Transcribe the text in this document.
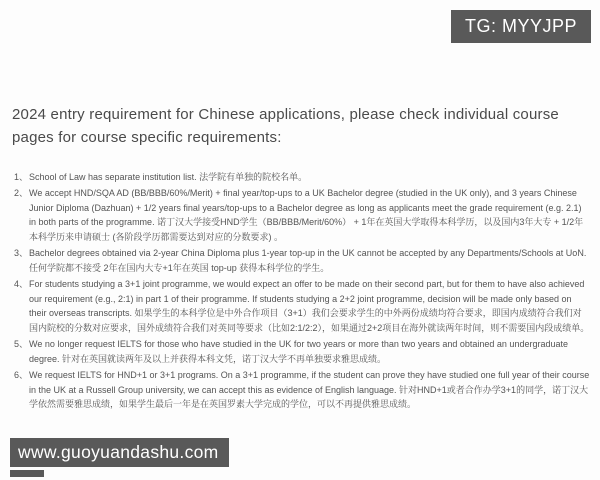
TG: MYYJPP
2024 entry requirement for Chinese applications, please check individual course pages for course specific requirements:
1、 School of Law has separate institution list. 法学院有单独的院校名单。
2、 We accept HND/SQA AD (BB/BBB/60%/Merit) + final year/top-ups to a UK Bachelor degree (studied in the UK only), and 3 years Chinese Junior Diploma (Dazhuan) + 1/2 years final years/top-ups to a Bachelor degree as long as applicants meet the grade requirement (e.g. 2.1) in both parts of the programme. 诺丁汉大学接受HND学生（BB/BBB/Merit/60%） + 1年在英国大学取得本科学历，以及国内3年大专 + 1/2年本科学历来申请硕士 (各阶段学历都需要达到对应的分数要求) 。
3、 Bachelor degrees obtained via 2-year China Diploma plus 1-year top-up in the UK cannot be accepted by any Departments/Schools at UoN. 任何学院都不接受 2年在国内大专+1年在英国 top-up 获得本科学位的学生。
4、 For students studying a 3+1 joint programme, we would expect an offer to be made on their second part, but for them to have also achieved our requirement (e.g., 2:1) in part 1 of their programme. If students studying a 2+2 joint programme, decision will be made only based on their overseas transcripts. 如果学生的本科学位是中外合作项目（3+1）我们会要求学生的中外两份成绩均符合要求，即国内成绩符合我们对国内院校的分数对应要求，国外成绩符合我们对英同等要求（比如2:1/2:2），如果通过2+2项目在海外就读两年时间，则不需要国内段成绩单。
5、 We no longer request IELTS for those who have studied in the UK for two years or more than two years and obtained an undergraduate degree. 针对在英国就读两年及以上并获得本科文凭，诺丁汉大学不再单独要求雅思成绩。
6、 We request IELTS for HND+1 or 3+1 programs. On a 3+1 programme, if the student can prove they have studied one full year of their course in the UK at a Russell Group university, we can accept this as evidence of English language. 针对HND+1或者合作办学3+1的同学，诺丁汉大学依然需要雅思成绩，如果学生最后一年是在英国罗素大学完成的学位，可以不再提供雅思成绩。
www.guoyuandashu.com
